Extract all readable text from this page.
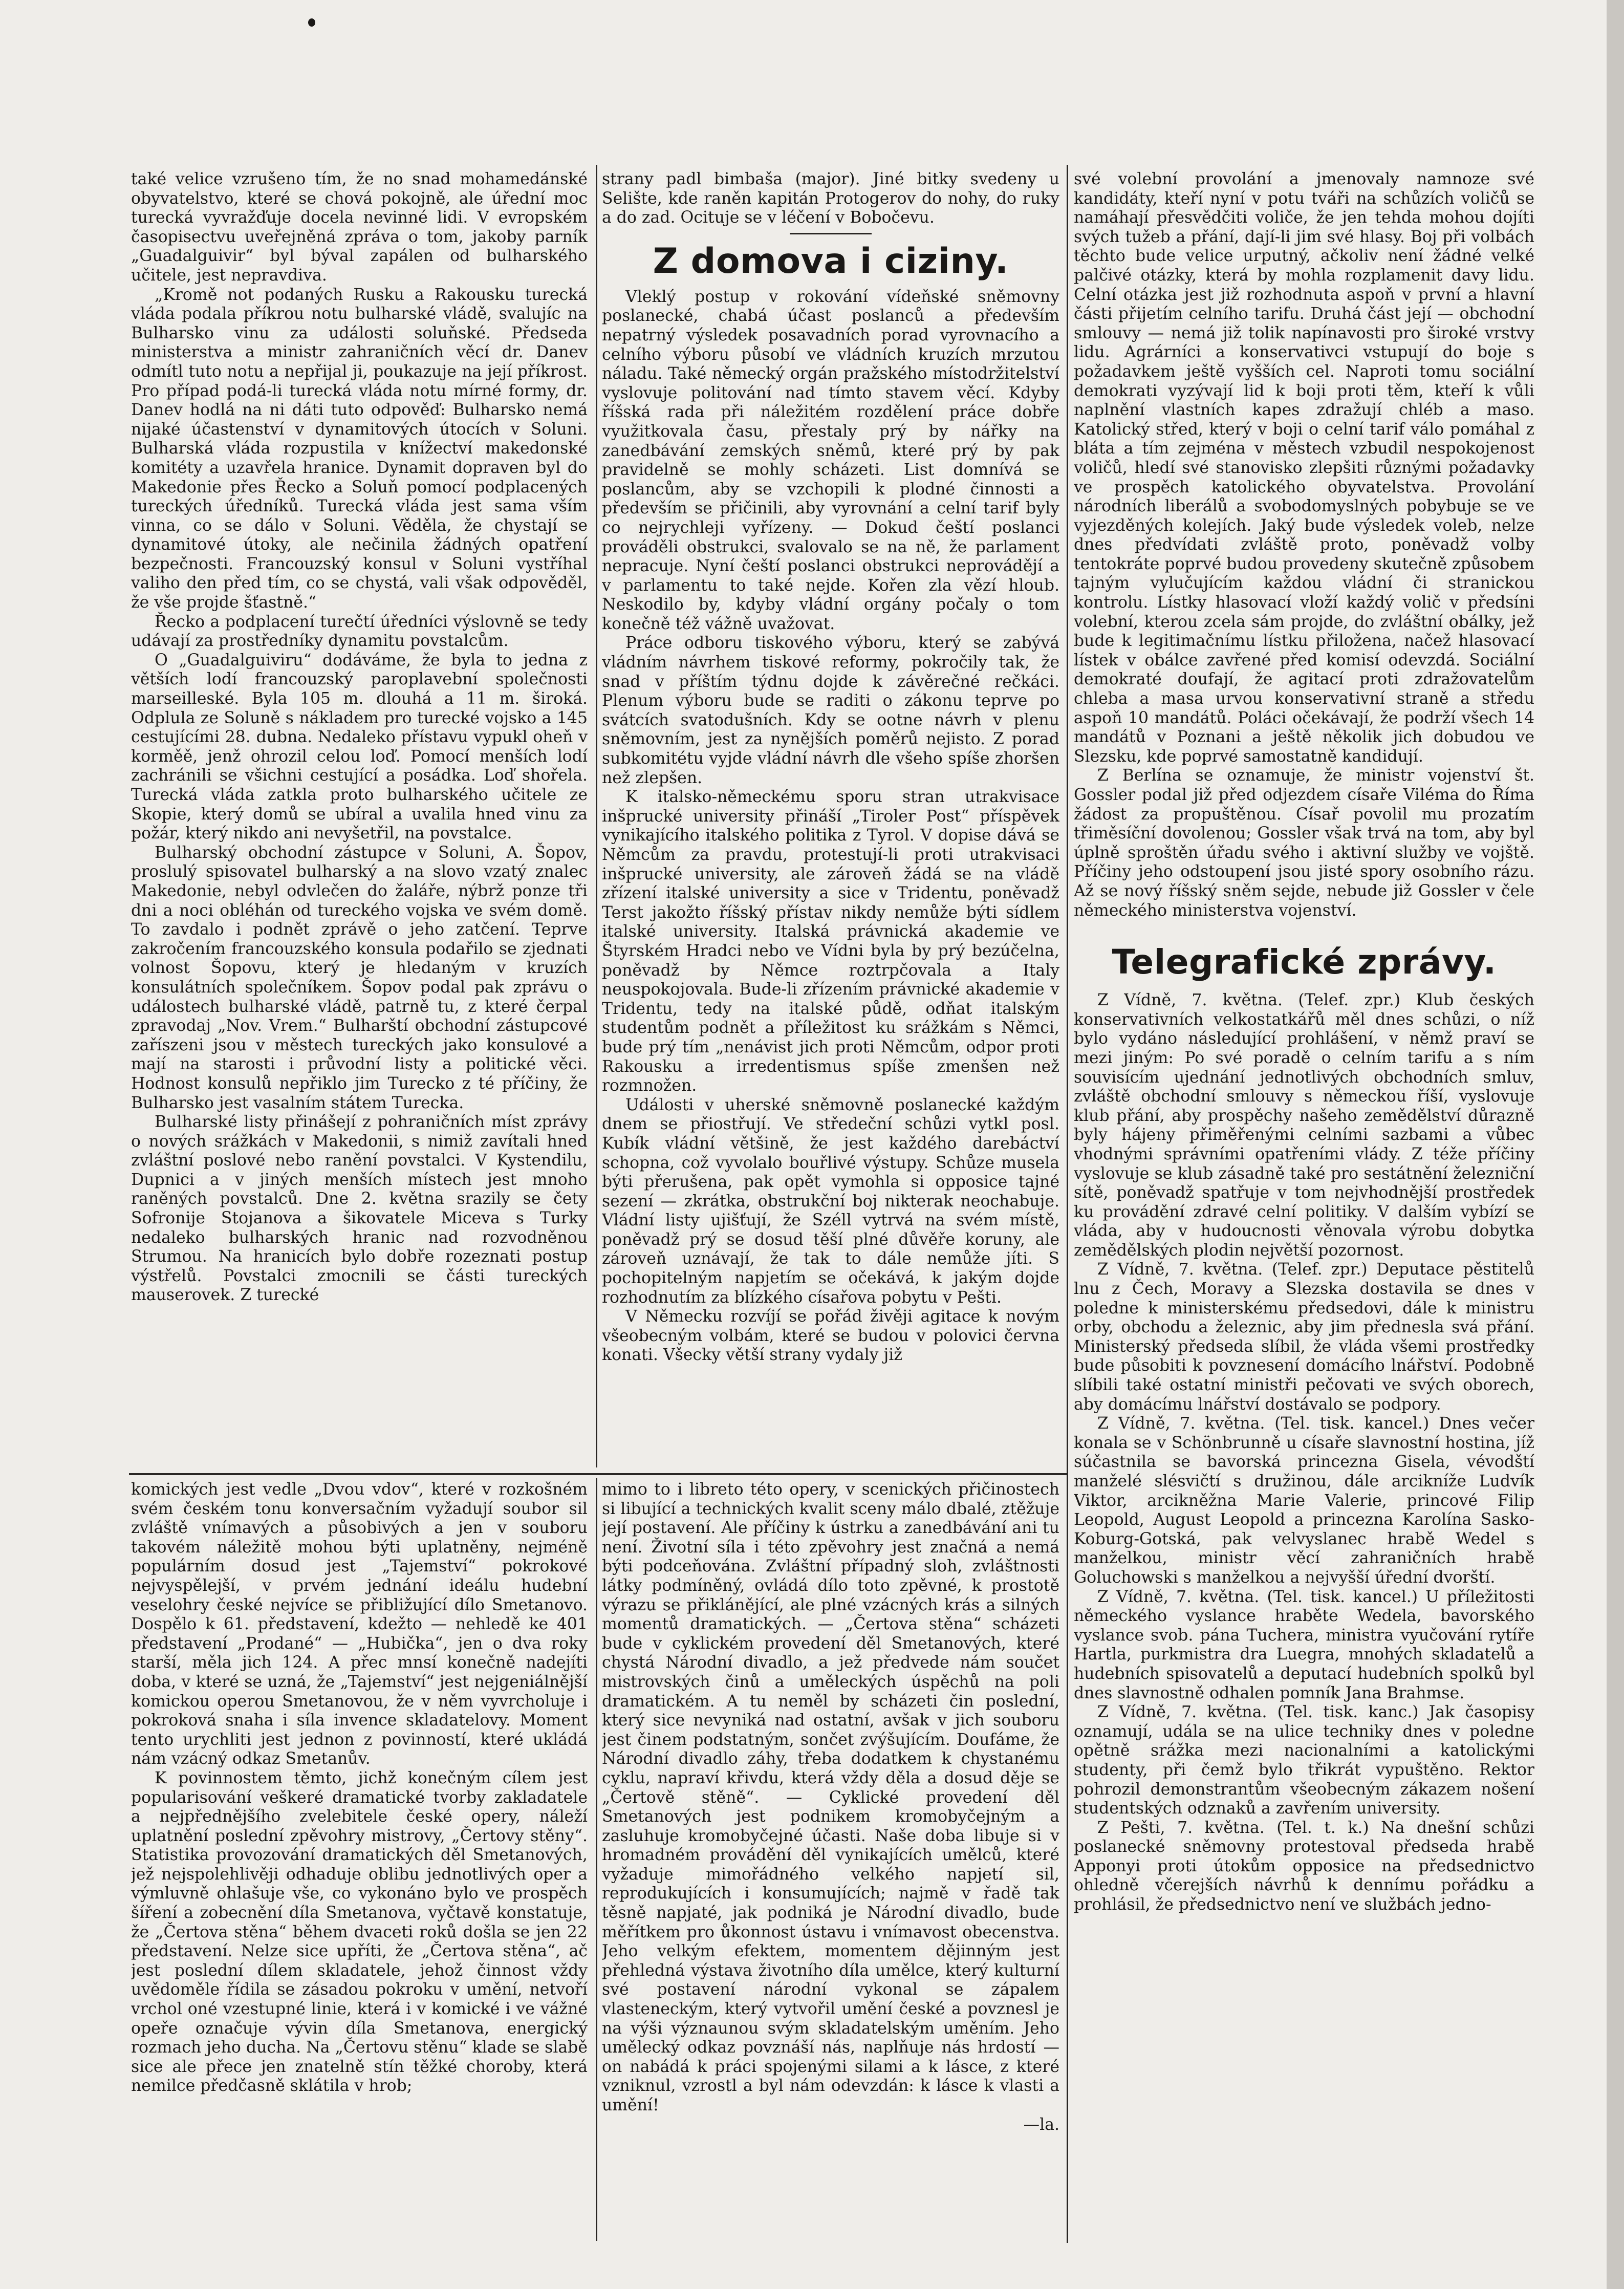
také velice vzrušeno tím, že no snad mohamedánské obyvatelstvo, které se chová pokojně, ale úřední moc turecká vyvražďuje docela nevinné lidi. V evropském časopisectvu uveřejněná zpráva o tom, jakoby parník „Guadalguivir“ byl býval zapálen od bulharského učitele, jest nepravdiva.

„Kromě not podaných Rusku a Rakousku turecká vláda podala příkrou notu bulharské vládě, svalujíc na Bulharsko vinu za události soluňské. Předseda ministerstva a ministr zahraničních věcí dr. Danev odmítl tuto notu a nepřijal ji, poukazuje na její příkrost. Pro případ podá-li turecká vláda notu mírné formy, dr. Danev hodlá na ni dáti tuto odpověď: Bulharsko nemá nijaké účastenství v dynamitových útocích v Soluni. Bulharská vláda rozpustila v knížectví makedonské komitéty a uzavřela hranice. Dynamit dopraven byl do Makedonie přes Řecko a Soluň pomocí podplacených tureckých úředníků. Turecká vláda jest sama vším vinna, co se dálo v Soluni. Věděla, že chystají se dynamitové útoky, ale nečinila žádných opatření bezpečnosti. Francouzský konsul v Soluni vystříhal valiho den před tím, co se chystá, vali však odpověděl, že vše projde šťastně.“

Řecko a podplacení turečtí úředníci výslovně se tedy udávají za prostředníky dynamitu povstalcům.

O „Guadalguiviru“ dodáváme, že byla to jedna z větších lodí francouzský paroplavební společnosti marseilleské. Byla 105 m. dlouhá a 11 m. široká. Odplula ze Soluně s nákladem pro turecké vojsko a 145 cestujícími 28. dubna. Nedaleko přístavu vypukl oheň v korměě, jenž ohrozil celou loď. Pomocí menších lodí zachránili se všichni cestující a posádka. Loď shořela. Turecká vláda zatkla proto bulharského učitele ze Skopie, který domů se ubíral a uvalila hned vinu za požár, který nikdo ani nevyšetřil, na povstalce.

Bulharský obchodní zástupce v Soluni, A. Šopov, proslulý spisovatel bulharský a na slovo vzatý znalec Makedonie, nebyl odvlečen do žaláře, nýbrž ponze tři dni a noci obléhán od tureckého vojska ve svém domě. To zavdalo i podnět zprávě o jeho zatčení. Teprve zakročením francouzského konsula podařilo se zjednati volnost Šopovu, který je hledaným v kruzích konsulátních společníkem. Šopov podal pak zprávu o událostech bulharské vládě, patrně tu, z které čerpal zpravodaj „Nov. Vrem.“ Bulharští obchodní zástupcové zaříszeni jsou v městech tureckých jako konsulové a mají na starosti i průvodní listy a politické věci. Hodnost konsulů nepřiklo jim Turecko z té příčiny, že Bulharsko jest vasalním státem Turecka.

Bulharské listy přinášejí z pohraničních míst zprávy o nových srážkách v Makedonii, s nimiž zavítali hned zvláštní poslové nebo ranění povstalci. V Kystendilu, Dupnici a v jiných menších místech jest mnoho raněných povstalců. Dne 2. května srazily se čety Sofronije Stojanova a šikovatele Miceva s Turky nedaleko bulharských hranic nad rozvodněnou Strumou. Na hranicích bylo dobře rozeznati postup výstřelů. Povstalci zmocnili se části tureckých mauserovek. Z turecké

strany padl bimbaša (major). Jiné bitky svedeny u Selište, kde raněn kapitán Protogerov do nohy, do ruky a do zad. Ocituje se v léčení v Bobočevu.

Z domova i ciziny.

Vleklý postup v rokování vídeňské sněmovny poslanecké, chabá účast poslanců a především nepatrný výsledek posavadních porad vyrovnacího a celního výboru působí ve vládních kruzích mrzutou náladu. Také německý orgán pražského místodržitelství vyslovuje politování nad tímto stavem věcí. Kdyby říšská rada při náležitém rozdělení práce dobře využitkovala času, přestaly prý by nářky na zanedbávání zemských sněmů, které prý by pak pravidelně se mohly scházeti. List domnívá se poslancům, aby se vzchopili k plodné činnosti a především se přičinili, aby vyrovnání a celní tarif byly co nejrychleji vyřízeny. — Dokud čeští poslanci prováděli obstrukci, svalovalo se na ně, že parlament nepracuje. Nyní čeští poslanci obstrukci neprovádějí a v parlamentu to také nejde. Kořen zla vězí hloub. Neskodilo by, kdyby vládní orgány počaly o tom konečně též vážně uvažovat.

Práce odboru tiskového výboru, který se zabývá vládním návrhem tiskové reformy, pokročily tak, že snad v příštím týdnu dojde k závěrečné rečkáci. Plenum výboru bude se raditi o zákonu teprve po svátcích svatodušních. Kdy se ootne návrh v plenu sněmovním, jest za nynějších poměrů nejisto. Z porad subkomitétu vyjde vládní návrh dle všeho spíše zhoršen než zlepšen.

K italsko-německému sporu stran utrakvisace inšprucké university přináší „Tiroler Post“ příspěvek vynikajícího italského politika z Tyrol. V dopise dává se Němcům za pravdu, protestují-li proti utrakvisaci inšprucké university, ale zároveň žádá se na vládě zřízení italské university a sice v Tridentu, poněvadž Terst jakožto říšský přístav nikdy nemůže býti sídlem italské university. Italská právnická akademie ve Štyrském Hradci nebo ve Vídni byla by prý bezúčelna, poněvadž by Němce roztrpčovala a Italy neuspokojovala. Bude-li zřízením právnické akademie v Tridentu, tedy na italské půdě, odňat italským studentům podnět a příležitost ku srážkám s Němci, bude prý tím „nenávist jich proti Němcům, odpor proti Rakousku a irredentismus spíše zmenšen než rozmnožen.

Události v uherské sněmovně poslanecké každým dnem se přiostřují. Ve středeční schůzi vytkl posl. Kubík vládní většině, že jest každého darebáctví schopna, což vyvolalo bouřlivé výstupy. Schůze musela býti přerušena, pak opět vymohla si opposice tajné sezení — zkrátka, obstrukční boj nikterak neochabuje. Vládní listy ujišťují, že Széll vytrvá na svém místě, poněvadž prý se dosud těší plné důvěře koruny, ale zároveň uznávají, že tak to dále nemůže jíti. S pochopitelným napjetím se očekává, k jakým dojde rozhodnutím za blízkého císařova pobytu v Pešti.

V Německu rozvíjí se pořád živěji agitace k novým všeobecným volbám, které se budou v polovici června konati. Všecky větší strany vydaly již

své volební provolání a jmenovaly namnoze své kandidáty, kteří nyní v potu tváři na schůzích voličů se namáhají přesvědčiti voliče, že jen tehda mohou dojíti svých tužeb a přání, dají-li jim své hlasy. Boj při volbách těchto bude velice urputný, ačkoliv není žádné velké palčivé otázky, která by mohla rozplamenit davy lidu. Celní otázka jest již rozhodnuta aspoň v první a hlavní části přijetím celního tarifu. Druhá část její — obchodní smlouvy — nemá již tolik napínavosti pro široké vrstvy lidu. Agrárníci a konservativci vstupují do boje s požadavkem ještě vyšších cel. Naproti tomu sociální demokrati vyzývají lid k boji proti těm, kteří k vůli naplnění vlastních kapes zdražují chléb a maso. Katolický střed, který v boji o celní tarif válo pomáhal z bláta a tím zejména v městech vzbudil nespokojenost voličů, hledí své stanovisko zlepšiti různými požadavky ve prospěch katolického obyvatelstva. Provolání národních liberálů a svobodomyslných pobybuje se ve vyjezděných kolejích. Jaký bude výsledek voleb, nelze dnes předvídati zvláště proto, poněvadž volby tentokráte poprvé budou provedeny skutečně způsobem tajným vylučujícím každou vládní či stranickou kontrolu. Lístky hlasovací vloží každý volič v předsíni volební, kterou zcela sám projde, do zvláštní obálky, jež bude k legitimačnímu lístku přiložena, načež hlasovací lístek v obálce zavřené před komisí odevzdá. Sociální demokraté doufají, že agitací proti zdražovatelům chleba a masa urvou konservativní straně a středu aspoň 10 mandátů. Poláci očekávají, že podrží všech 14 mandátů v Poznani a ještě několik jich dobudou ve Slezsku, kde poprvé samostatně kandidují.

Z Berlína se oznamuje, že ministr vojenství št. Gossler podal již před odjezdem císaře Viléma do Říma žádost za propuštěnou. Císař povolil mu prozatím třiměsíční dovolenou; Gossler však trvá na tom, aby byl úplně sproštěn úřadu svého i aktivní služby ve vojště. Příčiny jeho odstoupení jsou jisté spory osobního rázu. Až se nový říšský sněm sejde, nebude již Gossler v čele německého ministerstva vojenství.

Telegrafické zprávy.

Z Vídně, 7. května. (Telef. zpr.) Klub českých konservativních velkostatkářů měl dnes schůzi, o níž bylo vydáno následující prohlášení, v němž praví se mezi jiným: Po své poradě o celním tarifu a s ním souvisícím ujednání jednotlivých obchodních smluv, zvláště obchodní smlouvy s německou říší, vyslovuje klub přání, aby prospěchy našeho zemědělství důrazně byly hájeny přiměřenými celními sazbami a vůbec vhodnými správními opatřeními vlády. Z téže příčiny vyslovuje se klub zásadně také pro sestátnění železniční sítě, poněvadž spatřuje v tom nejvhodnější prostředek ku provádění zdravé celní politiky. V dalším vybízí se vláda, aby v hudoucnosti věnovala výrobu dobytka zemědělských plodin největší pozornost.

Z Vídně, 7. května. (Telef. zpr.) Deputace pěstitelů lnu z Čech, Moravy a Slezska dostavila se dnes v poledne k ministerskému předsedovi, dále k ministru orby, obchodu a železnic, aby jim přednesla svá přání. Ministerský předseda slíbil, že vláda všemi prostředky bude působiti k povznesení domácího lnářství. Podobně slíbili také ostatní ministři pečovati ve svých oborech, aby domácímu lnářství dostávalo se podpory.

Z Vídně, 7. května. (Tel. tisk. kancel.) Dnes večer konala se v Schönbrunně u císaře slavnostní hostina, jíž súčastnila se bavorská princezna Gisela, vévodští manželé slésvičtí s družinou, dále arcikníže Ludvík Viktor, arcikněžna Marie Valerie, princové Filip Leopold, August Leopold a princezna Karolína Sasko-Koburg-Gotská, pak velvyslanec hrabě Wedel s manželkou, ministr věcí zahraničních hrabě Goluchowski s manželkou a nejvyšší úřední dvorští.

Z Vídně, 7. května. (Tel. tisk. kancel.) U příležitosti německého vyslance hraběte Wedela, bavorského vyslance svob. pána Tuchera, ministra vyučování rytíře Hartla, purkmistra dra Luegra, mnohých skladatelů a hudebních spisovatelů a deputací hudebních spolků byl dnes slavnostně odhalen pomník Jana Brahmse.

Z Vídně, 7. května. (Tel. tisk. kanc.) Jak časopisy oznamují, udála se na ulice techniky dnes v poledne opětně srážka mezi nacionalními a katolickými studenty, při čemž bylo třikrát vypuštěno. Rektor pohrozil demonstrantům všeobecným zákazem nošení studentských odznaků a zavřením university.

Z Pešti, 7. května. (Tel. t. k.) Na dnešní schůzi poslanecké sněmovny protestoval předseda hrabě Apponyi proti útokům opposice na předsednictvo ohledně včerejších návrhů k dennímu pořádku a prohlásil, že předsednictvo není ve službách jedno-

komických jest vedle „Dvou vdov“, které v rozkošném svém českém tonu konversačním vyžadují soubor sil zvláště vnímavých a působivých a jen v souboru takovém náležitě mohou býti uplatněny, nejméně populárním dosud jest „Tajemství“ pokrokové nejvyspělejší, v prvém jednání ideálu hudební veselohry české nejvíce se přibližující dílo Smetanovo. Dospělo k 61. představení, kdežto — nehledě ke 401 představení „Prodané“ — „Hubička“, jen o dva roky starší, měla jich 124. A přec mnsí konečně nadejíti doba, v které se uzná, že „Tajemství“ jest nejgeniálnější komickou operou Smetanovou, že v něm vyvrcholuje i pokroková snaha i síla invence skladatelovy. Moment tento urychliti jest jednon z povinností, které ukládá nám vzácný odkaz Smetanův.

K povinnostem těmto, jichž konečným cílem jest popularisování veškeré dramatické tvorby zakladatele a nejpřednějšího zvelebitele české opery, náleží uplatnění poslední zpěvohry mistrovy, „Čertovy stěny“. Statistika provozování dramatických děl Smetanových, jež nejspolehlivěji odhaduje oblibu jednotlivých oper a výmluvně ohlašuje vše, co vykonáno bylo ve prospěch šíření a zobecnění díla Smetanova, vyčtavě konstatuje, že „Čertova stěna“ během dvaceti roků došla se jen 22 představení. Nelze sice upříti, že „Čertova stěna“, ač jest poslední dílem skladatele, jehož činnost vždy uvědoměle řídila se zásadou pokroku v umění, netvoří vrchol oné vzestupné linie, která i v komické i ve vážné opeře označuje vývin díla Smetanova, energický rozmach jeho ducha. Na „Čertovu stěnu“ klade se slabě sice ale přece jen znatelně stín těžké choroby, která nemilce předčasně sklátila v hrob;

mimo to i libreto této opery, v scenických přičinostech si libující a technických kvalit sceny málo dbalé, ztěžuje její postavení. Ale příčiny k ústrku a zanedbávání ani tu není. Životní síla i této zpěvohry jest značná a nemá býti podceňována. Zvláštní případný sloh, zvláštnosti látky podmíněný, ovládá dílo toto zpěvné, k prostotě výrazu se přiklánějící, ale plné vzácných krás a silných momentů dramatických. — „Čertova stěna“ scházeti bude v cyklickém provedení děl Smetanových, které chystá Národní divadlo, a jež předvede nám součet mistrovských činů a uměleckých úspěchů na poli dramatickém. A tu neměl by scházeti čin poslední, který sice nevyniká nad ostatní, avšak v jich souboru jest činem podstatným, sončet zvýšujícím. Doufáme, že Národní divadlo záhy, třeba dodatkem k chystanému cyklu, napraví křivdu, která vždy děla a dosud děje se „Čertově stěně“. — Cyklické provedení děl Smetanových jest podnikem kromobyčejným a zasluhuje kromobyčejné účasti. Naše doba libuje si v hromadném provádění děl vynikajících umělců, které vyžaduje mimořádného velkého napjetí sil, reprodukujících i konsumujících; najmě v řadě tak těsně napjaté, jak podniká je Národní divadlo, bude měřítkem pro ůkonnost ústavu i vnímavost obecenstva. Jeho velkým efektem, momentem dějinným jest přehledná výstava životního díla umělce, který kulturní své postavení národní vykonal se zápalem vlasteneckým, který vytvořil umění české a povznesl je na výši význaunou svým skladatelským uměním. Jeho umělecký odkaz povznáší nás, naplňuje nás hrdostí — on nabádá k práci spojenými silami a k lásce, z které vzniknul, vzrostl a byl nám odevzdán: k lásce k vlasti a umění!

—la.
